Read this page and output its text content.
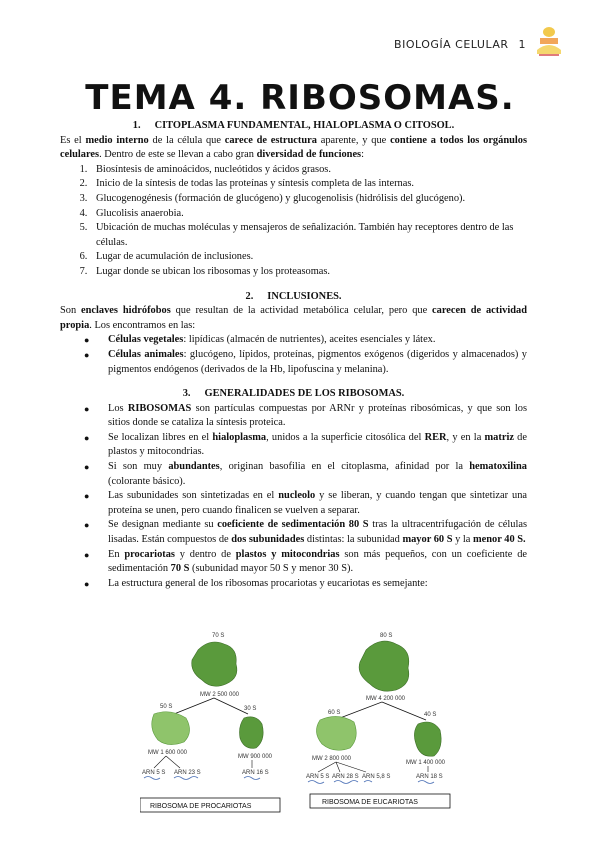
BIOLOGÍA CELULAR 1
TEMA 4. RIBOSOMAS.

1. CITOPLASMA FUNDAMENTAL, HIALOPLASMA O CITOSOL.

Es el medio interno de la célula que carece de estructura aparente, y que contiene a todos los orgánulos celulares. Dentro de este se llevan a cabo gran diversidad de funciones:

1. Biosíntesis de aminoácidos, nucleótidos y ácidos grasos.
2. Inicio de la síntesis de todas las proteínas y síntesis completa de las internas.
3. Glucogenogénesis (formación de glucógeno) y glucogenolisis (hidrólisis del glucógeno).
4. Glucolisis anaerobia.
5. Ubicación de muchas moléculas y mensajeros de señalización. También hay receptores dentro de las células.
6. Lugar de acumulación de inclusiones.
7. Lugar donde se ubican los ribosomas y los proteasomas.

2. INCLUSIONES.

Son enclaves hidrófobos que resultan de la actividad metabólica celular, pero que carecen de actividad propia. Los encontramos en las:

● Células vegetales: lipídicas (almacén de nutrientes), aceites esenciales y látex.
● Células animales: glucógeno, lípidos, proteínas, pigmentos exógenos (digeridos y almacenados) y pigmentos endógenos (derivados de la Hb, lipofuscina y melanina).

3. GENERALIDADES DE LOS RIBOSOMAS.

● Los RIBOSOMAS son partículas compuestas por ARNr y proteínas ribosómicas, y que son los sitios donde se cataliza la síntesis proteica.
● Se localizan libres en el hialoplasma, unidos a la superficie citosólica del RER, y en la matriz de plastos y mitocondrias.
● Si son muy abundantes, originan basofilia en el citoplasma, afinidad por la hematoxilina (colorante básico).
● Las subunidades son sintetizadas en el nucleolo y se liberan, y cuando tengan que sintetizar una proteína se unen, pero cuando finalicen se vuelven a separar.
● Se designan mediante su coeficiente de sedimentación 80 S tras la ultracentrifugación de células lisadas. Están compuestos de dos subunidades distintas: la subunidad mayor 60 S y la menor 40 S.
● En procariotas y dentro de plastos y mitocondrias son más pequeños, con un coeficiente de sedimentación 70 S (subunidad mayor 50 S y menor 30 S).
● La estructura general de los ribosomas procariotas y eucariotas es semejante:
70 S
MW 2 500 000
50 S	30 S
MW 1 600 000
MW 900 000
ARN 5 S ARN 23 S	ARN 16 S
RIBOSOMA DE PROCARIOTAS
80 S
MW 4 200 000
60 S	40 S
MW 2 800 000
MW 1 400 000
ARN 5 S ARN 28 S ARN 5,8 S	ARN 18 S
RIBOSOMA DE EUCARIOTAS
